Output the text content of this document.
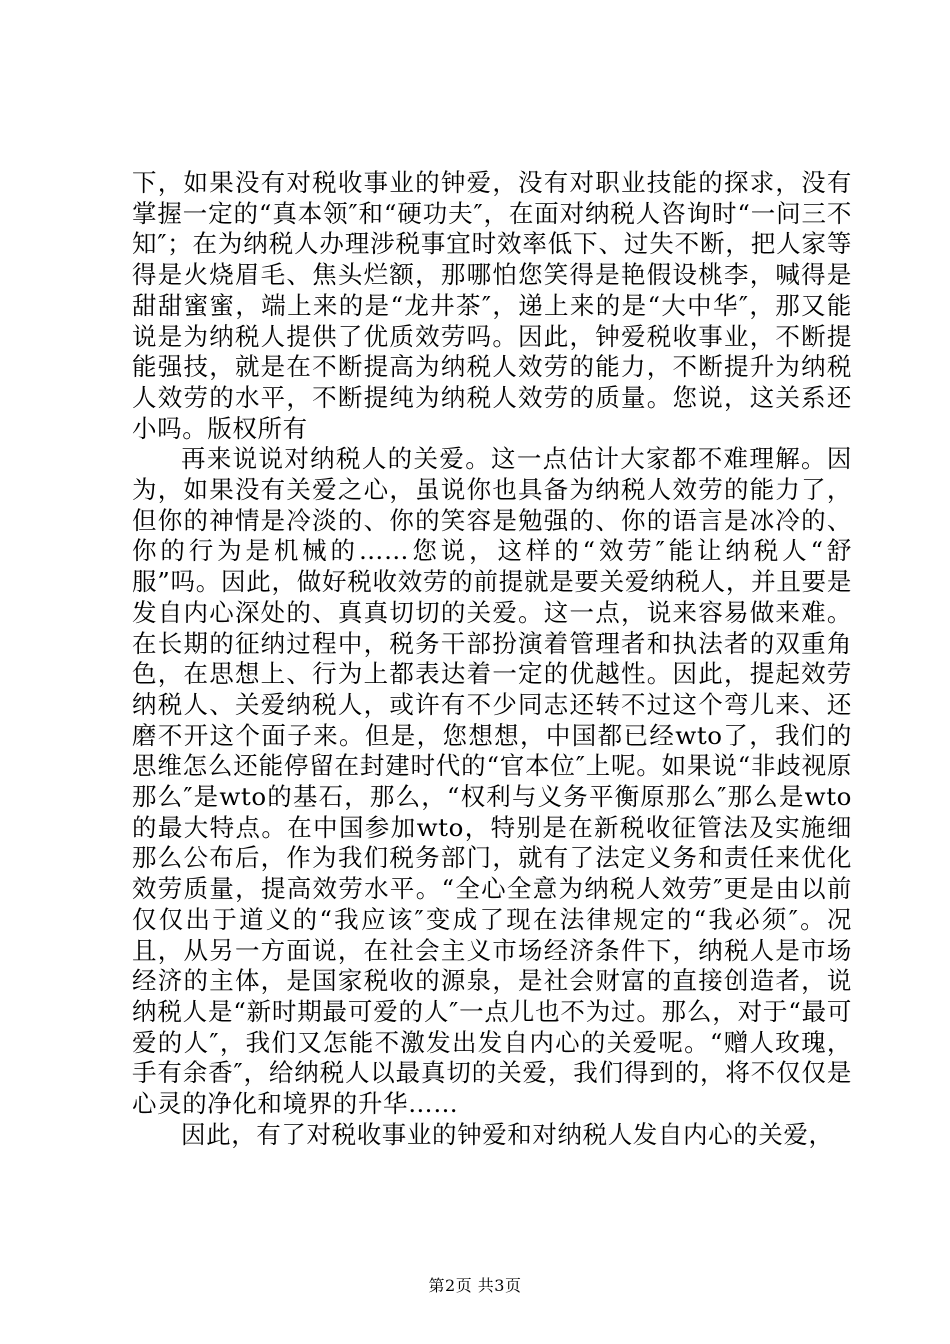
下，如果没有对税收事业的钟爱，没有对职业技能的探求，没有掌握一定的“真本领″和“硬功夫″，在面对纳税人咨询时“一问三不知″；在为纳税人办理涉税事宜时效率低下、过失不断，把人家等得是火烧眉毛、焦头烂额，那哪怕您笑得是艳假设桃李，喊得是甜甜蜜蜜，端上来的是“龙井茶″，递上来的是“大中华″，那又能说是为纳税人提供了优质效劳吗。因此，钟爱税收事业，不断提能强技，就是在不断提高为纳税人效劳的能力，不断提升为纳税人效劳的水平，不断提纯为纳税人效劳的质量。您说，这关系还小吗。版权所有

再来说说对纳税人的关爱。这一点估计大家都不难理解。因为，如果没有关爱之心，虽说你也具备为纳税人效劳的能力了，但你的神情是冷淡的、你的笑容是勉强的、你的语言是冰冷的、你的行为是机械的……您说，这样的“效劳″能让纳税人“舒服”吗。因此，做好税收效劳的前提就是要关爱纳税人，并且要是发自内心深处的、真真切切的关爱。这一点，说来容易做来难。在长期的征纳过程中，税务干部扮演着管理者和执法者的双重角色，在思想上、行为上都表达着一定的优越性。因此，提起效劳纳税人、关爱纳税人，或许有不少同志还转不过这个弯儿来、还磨不开这个面子来。但是，您想想，中国都已经wto了，我们的思维怎么还能停留在封建时代的“官本位″上呢。如果说“非歧视原那么″是wto的基石，那么，“权利与义务平衡原那么″那么是wto的最大特点。在中国参加wto，特别是在新税收征管法及实施细那么公布后，作为我们税务部门，就有了法定义务和责任来优化效劳质量，提高效劳水平。“全心全意为纳税人效劳″更是由以前仅仅出于道义的“我应该″变成了现在法律规定的“我必须″。况且，从另一方面说，在社会主义市场经济条件下，纳税人是市场经济的主体，是国家税收的源泉，是社会财富的直接创造者，说纳税人是“新时期最可爱的人″一点儿也不为过。那么，对于“最可爱的人″，我们又怎能不激发出发自内心的关爱呢。“赠人玫瑰，手有余香″，给纳税人以最真切的关爱，我们得到的，将不仅仅是心灵的净化和境界的升华……

因此，有了对税收事业的钟爱和对纳税人发自内心的关爱，

第2页 共3页
